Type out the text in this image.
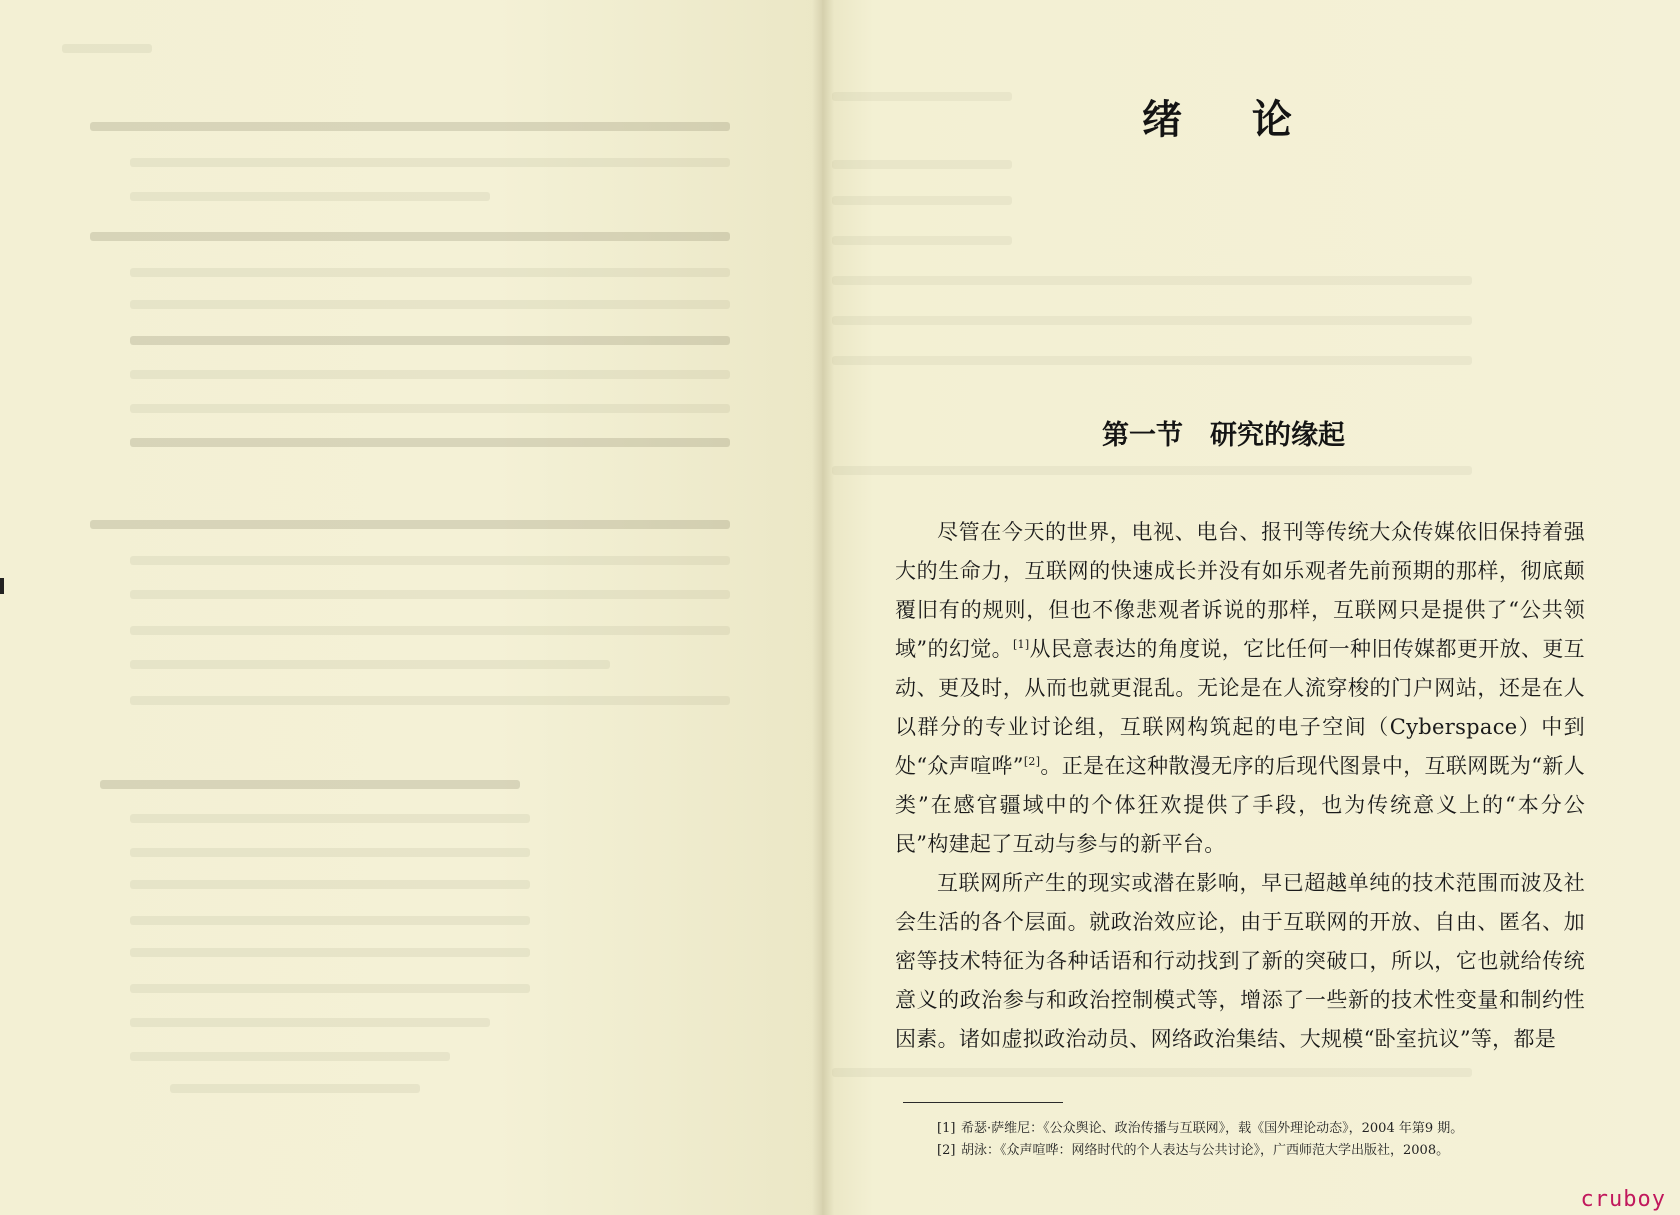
绪 论
第一节　研究的缘起

尽管在今天的世界，电视、电台、报刊等传统大众传媒依旧保持着强大的生命力，互联网的快速成长并没有如乐观者先前预期的那样，彻底颠覆旧有的规则，但也不像悲观者诉说的那样，互联网只是提供了“公共领域”的幻觉。[1]从民意表达的角度说，它比任何一种旧传媒都更开放、更互动、更及时，从而也就更混乱。无论是在人流穿梭的门户网站，还是在人以群分的专业讨论组，互联网构筑起的电子空间（Cyberspace）中到处“众声喧哗”[2]。正是在这种散漫无序的后现代图景中，互联网既为“新人类”在感官疆域中的个体狂欢提供了手段，也为传统意义上的“本分公民”构建起了互动与参与的新平台。

互联网所产生的现实或潜在影响，早已超越单纯的技术范围而波及社会生活的各个层面。就政治效应论，由于互联网的开放、自由、匿名、加密等技术特征为各种话语和行动找到了新的突破口，所以，它也就给传统意义的政治参与和政治控制模式等，增添了一些新的技术性变量和制约性因素。诸如虚拟政治动员、网络政治集结、大规模“卧室抗议”等，都是

[1] 希瑟·萨维尼：《公众舆论、政治传播与互联网》，载《国外理论动态》，2004 年第9 期。
[2] 胡泳：《众声喧哗：网络时代的个人表达与公共讨论》，广西师范大学出版社，2008。
cruboy
